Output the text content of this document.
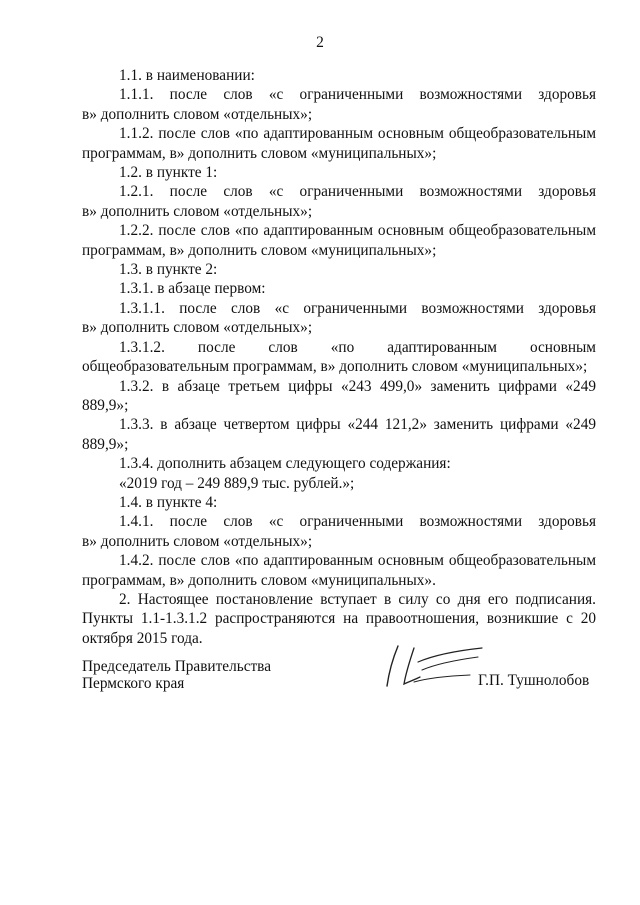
2

1.1. в наименовании:

1.1.1. после слов «с ограниченными возможностями здоровья

в» дополнить словом «отдельных»;

1.1.2. после слов «по адаптированным основным общеобразовательным программам, в» дополнить словом «муниципальных»;

1.2. в пункте 1:

1.2.1. после слов «с ограниченными возможностями здоровья

в» дополнить словом «отдельных»;

1.2.2. после слов «по адаптированным основным общеобразовательным программам, в» дополнить словом «муниципальных»;

1.3. в пункте 2:

1.3.1. в абзаце первом:

1.3.1.1. после слов «с ограниченными возможностями здоровья

в» дополнить словом «отдельных»;

1.3.1.2. после слов «по адаптированным основным общеобразовательным программам, в» дополнить словом «муниципальных»;

1.3.2. в абзаце третьем цифры «243 499,0» заменить цифрами «249 889,9»;

1.3.3. в абзаце четвертом цифры «244 121,2» заменить цифрами «249 889,9»;

1.3.4. дополнить абзацем следующего содержания:

«2019 год – 249 889,9 тыс. рублей.»;

1.4. в пункте 4:

1.4.1. после слов «с ограниченными возможностями здоровья

в» дополнить словом «отдельных»;

1.4.2. после слов «по адаптированным основным общеобразовательным программам, в» дополнить словом «муниципальных».

2. Настоящее постановление вступает в силу со дня его подписания. Пункты 1.1-1.3.1.2 распространяются на правоотношения, возникшие с 20 октября 2015 года.

Председатель Правительства
Пермского края	Г.П. Тушнолобов
